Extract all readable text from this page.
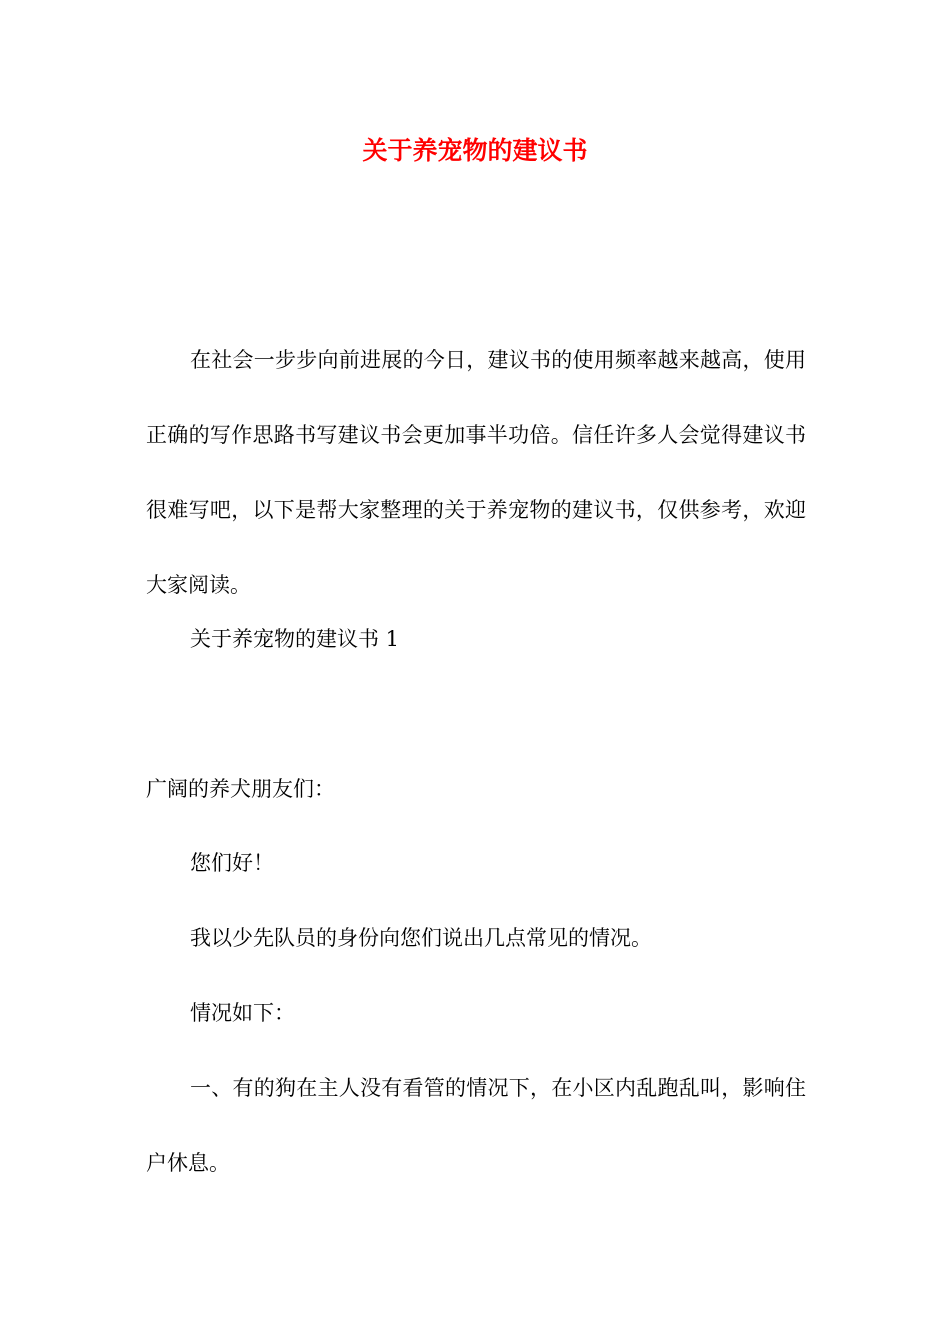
关于养宠物的建议书

在社会一步步向前进展的今日，建议书的使用频率越来越高，使用正确的写作思路书写建议书会更加事半功倍。信任许多人会觉得建议书很难写吧，以下是帮大家整理的关于养宠物的建议书，仅供参考，欢迎大家阅读。

关于养宠物的建议书 1

广阔的养犬朋友们：

您们好！

我以少先队员的身份向您们说出几点常见的情况。

情况如下：

一、有的狗在主人没有看管的情况下，在小区内乱跑乱叫，影响住户休息。
